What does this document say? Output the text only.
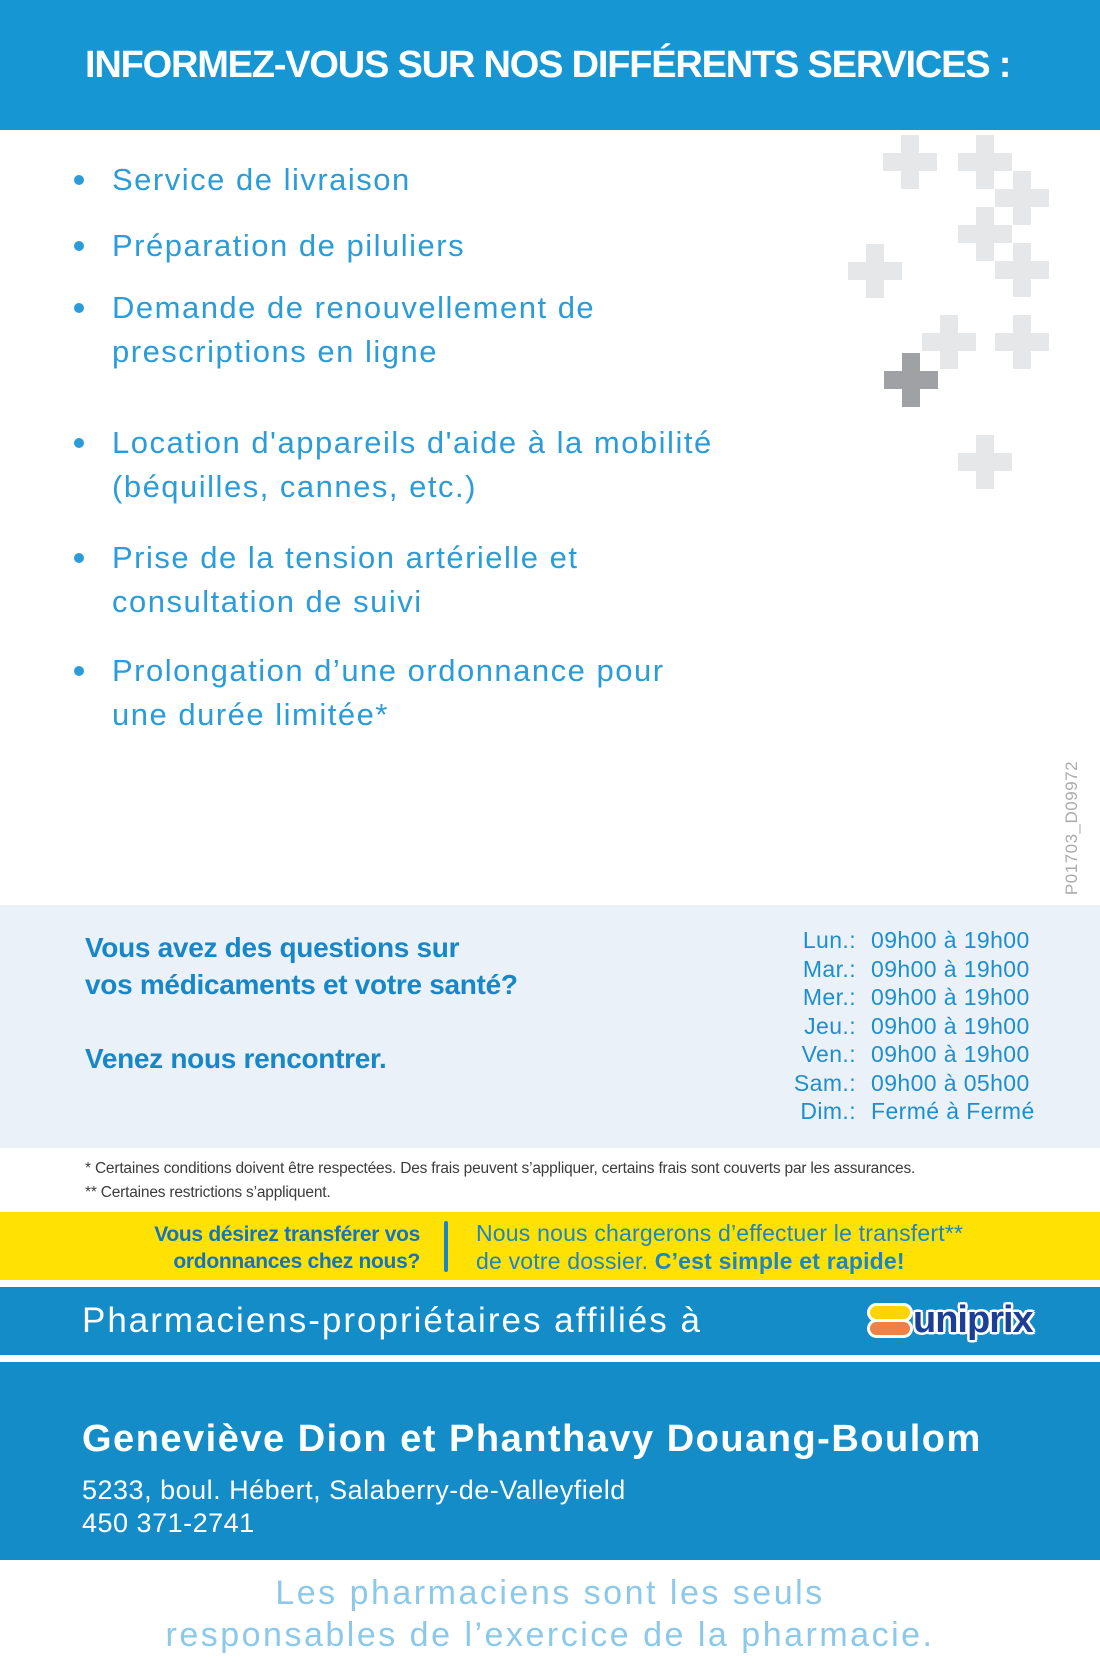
INFORMEZ-VOUS SUR NOS DIFFÉRENTS SERVICES :
Service de livraison
Préparation de piluliers
Demande de renouvellement de
prescriptions en ligne
Location d'appareils d'aide à la mobilité
(béquilles, cannes, etc.)
Prise de la tension artérielle et
consultation de suivi
Prolongation d’une ordonnance pour
une durée limitée*
P01703_D09972
Vous avez des questions sur
vos médicaments et votre santé?
Venez nous rencontrer.
Lun.: 09h00 à 19h00
Mar.: 09h00 à 19h00
Mer.: 09h00 à 19h00
Jeu.: 09h00 à 19h00
Ven.: 09h00 à 19h00
Sam.: 09h00 à 05h00
Dim.: Fermé à Fermé

* Certaines conditions doivent être respectées. Des frais peuvent s’appliquer, certains frais sont couverts par les assurances.

** Certaines restrictions s’appliquent.

Vous désirez transférer vos
ordonnances chez nous?
Nous nous chargerons d’effectuer le transfert**
de votre dossier. C’est simple et rapide!
Pharmaciens-propriétaires affiliés à	uniprix
Geneviève Dion et Phanthavy Douang-Boulom
5233, boul. Hébert, Salaberry-de-Valleyfield
450 371-2741
Les pharmaciens sont les seuls
responsables de l’exercice de la pharmacie.
